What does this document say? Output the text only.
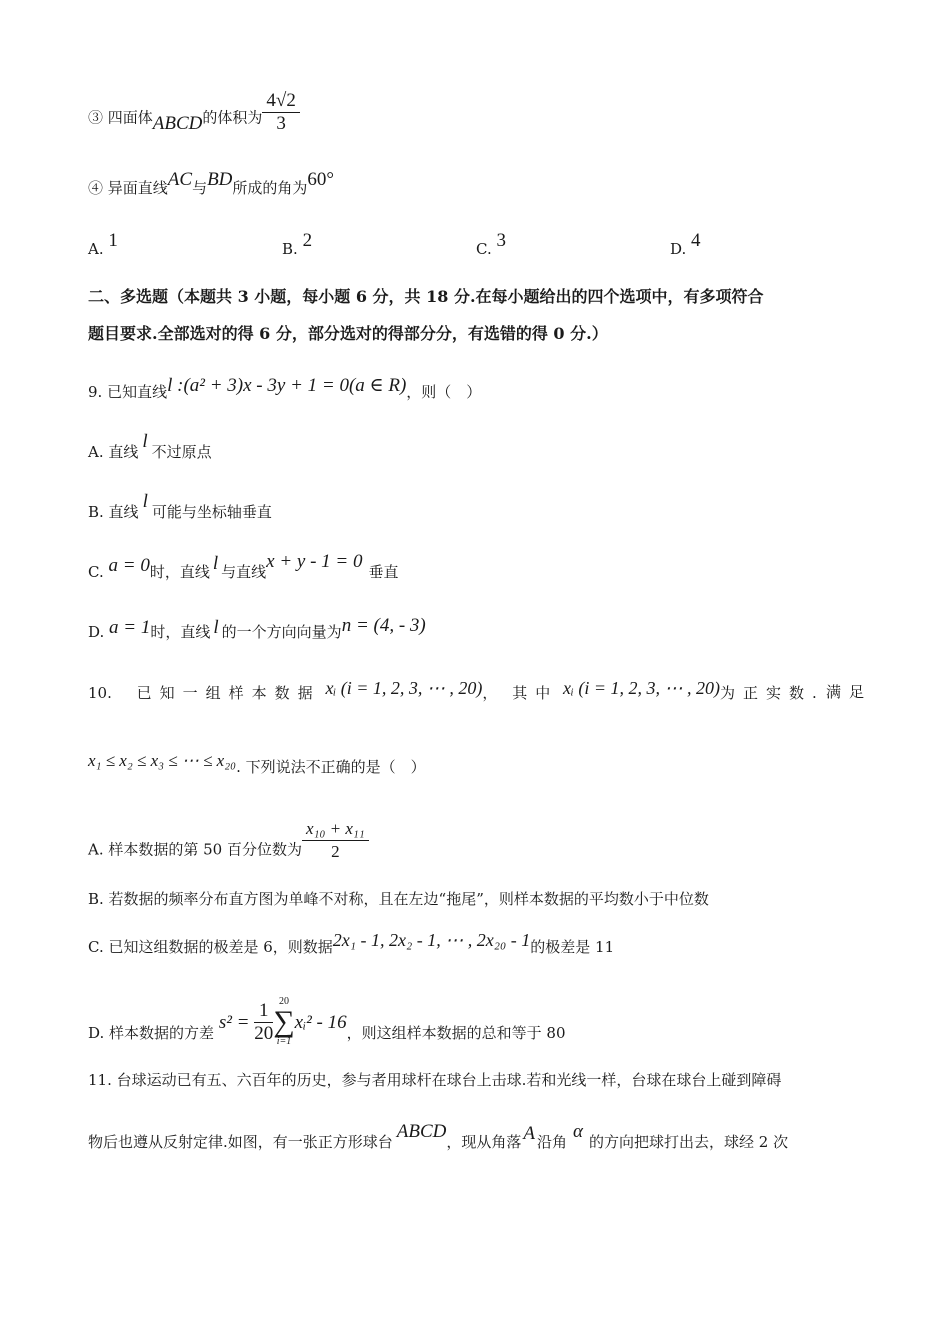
③ 四面体ABCD的体积为 $\frac{4√2}{3}$
④ 异面直线AC与BD所成的角为60°
A. 1	B. 2	C. 3	D. 4
二、多选题（本题共 3 小题，每小题 6 分，共 18 分.在每小题给出的四个选项中，有多项符合
题目要求.全部选对的得 6 分，部分选对的得部分分，有选错的得 0 分.）
9. 已知直线l :(a² + 3)x - 3y + 1 = 0(a ∈ R)，则（　）
A. 直线 l 不过原点
B. 直线 l 可能与坐标轴垂直
C. a = 0时，直线 l 与直线x + y - 1 = 0 垂直
D. a = 1时，直线 l 的一个方向向量为n = (4, - 3)
10. 已知一组样本数据 xᵢ (i = 1, 2, 3, ⋯ , 20)， 其中 xᵢ (i = 1, 2, 3, ⋯ , 20)为正实数. 满足
x₁ ≤ x₂ ≤ x₃ ≤ ⋯ ≤ x₂₀. 下列说法不正确的是（　）
A. 样本数据的第 50 百分位数为 $\frac{\text{x₁₀ + x₁₁}}{2}$
B. 若数据的频率分布直方图为单峰不对称，且在左边“拖尾”，则样本数据的平均数小于中位数
C. 已知这组数据的极差是 6，则数据2x₁ - 1, 2x₂ - 1, ⋯ , 2x₂₀ - 1的极差是 11
D. 样本数据的方差 $s^2 = \frac{1}{20} 20$
∑
i=1
xᵢ² - 16，则这组样本数据的总和等于 80
11. 台球运动已有五、六百年的历史，参与者用球杆在球台上击球.若和光线一样，台球在球台上碰到障碍
物后也遵从反射定律.如图，有一张正方形球台 ABCD，现从角落 A 沿角 α 的方向把球打出去，球经 2 次
